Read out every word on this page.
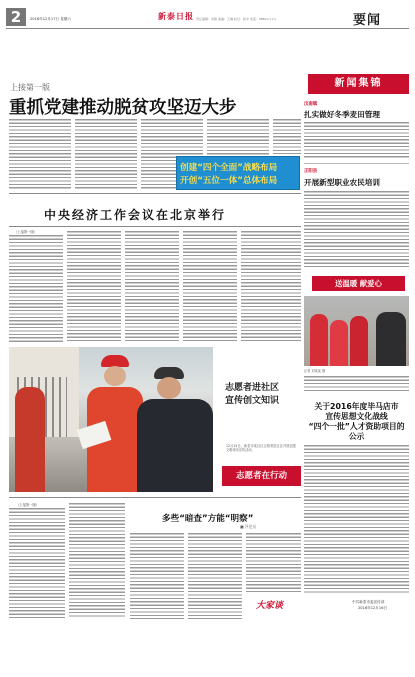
2	2016年12月17日 星期六	新泰日报 责任编辑：李敏 美编：王琳 校对：杨中 电话：9880××××	要闻
上接第一版
重抓党建推动脱贫攻坚迈大步
创建“四个全面”战略布局
开创“五位一体”总体布局
中央经济工作会议在北京举行
（上接第一版）
志愿者进社区
宣传创文知识
12月15日，新泰市某社区志愿者进社区开展创建文明城市宣传活动。
志愿者在行动
新闻集锦
汶南镇
扎实做好冬季麦田管理
正阳县
开展新型职业农民培训
送温暖 献爱心
记者 刘某某 摄
关于2016年度毕马店市
宣传思想文化战线
“四个一批”人才资助项目的
公示
中共新泰市委宣传部
2016年12月16日
（上接第一版）
多些“暗查”方能“明察”
■ 评论员
大家谈
